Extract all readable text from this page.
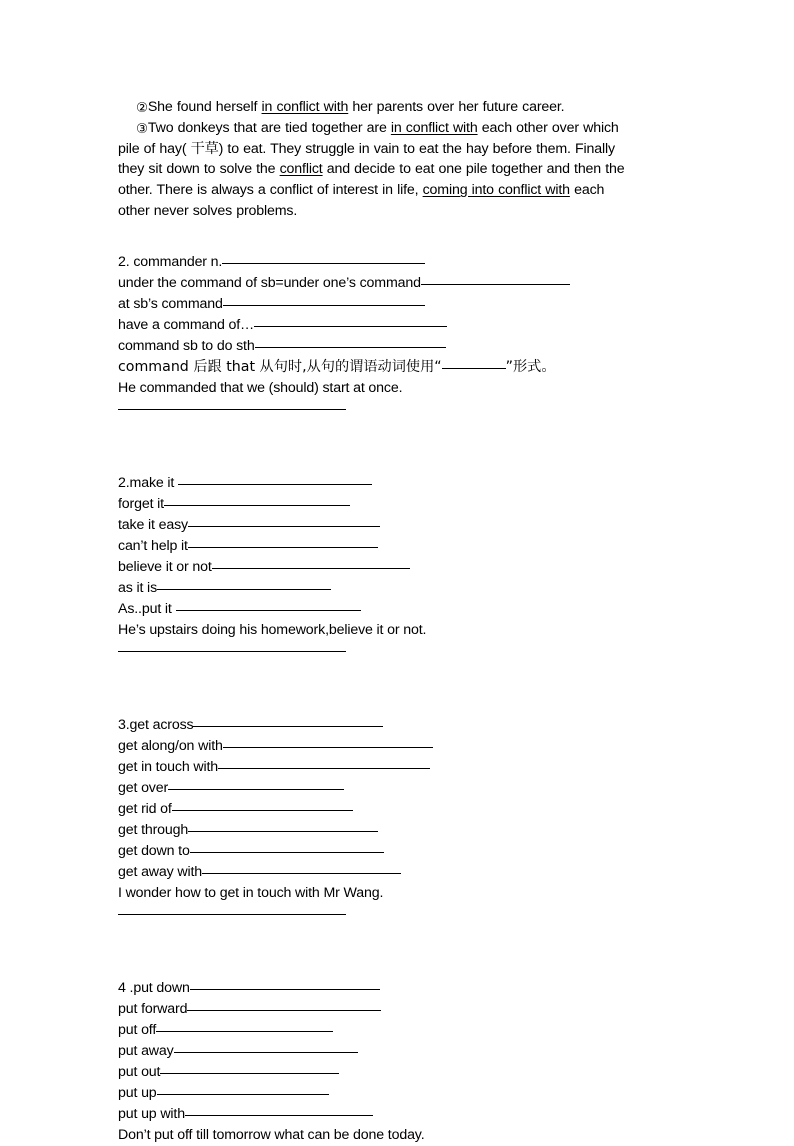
②She found herself in conflict with her parents over her future career.
③Two donkeys that are tied together are in conflict with each other over which
pile of hay( 干草) to eat. They struggle in vain to eat the hay before them. Finally
they sit down to solve the conflict and decide to eat one pile together and then the
other. There is always a conflict of interest in life, coming into conflict with each
other never solves problems.
2. commander n.
under the command of sb=under one’s command
at sb’s command
have a command of…
command sb to do sth
command 后跟 that 从句时,从句的谓语动词使用“	”形式。
He commanded that we (should) start at once.
2.make it
forget it
take it easy
can’t help it
believe it or not
as it is
As..put it
He’s upstairs doing his homework,believe it or not.
3.get across
get along/on with
get in touch with
get over
get rid of
get through
get down to
get away with
I wonder how to get in touch with Mr Wang.
4 .put down
put forward
put off
put away
put out
put up
put up with
Don’t put off till tomorrow what can be done today.
